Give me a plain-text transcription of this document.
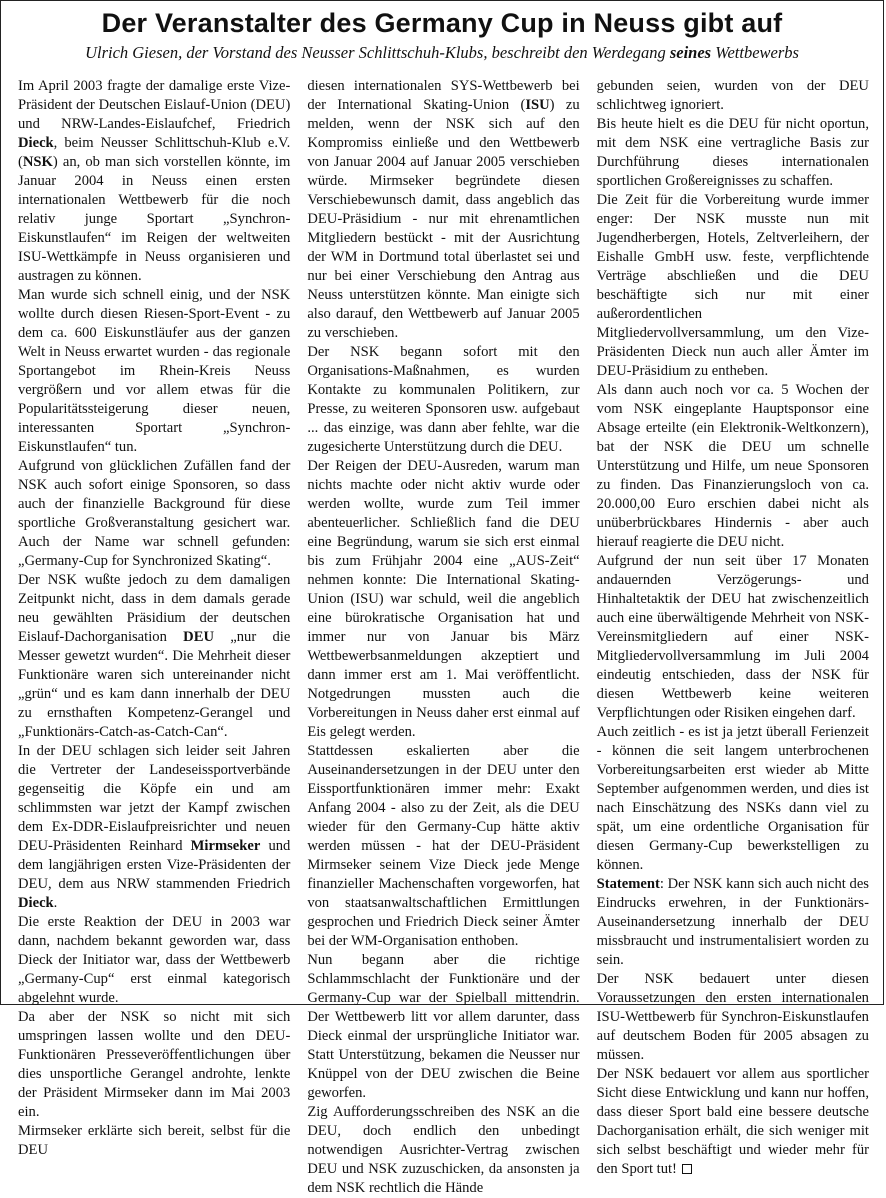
Der Veranstalter des Germany Cup in Neuss gibt auf
Ulrich Giesen, der Vorstand des Neusser Schlittschuh-Klubs, beschreibt den Werdegang seines Wettbewerbs

Im April 2003 fragte der damalige erste Vize-Präsident der Deutschen Eislauf-Union (DEU) und NRW-Landes-Eislaufchef, Friedrich Dieck, beim Neusser Schlittschuh-Klub e.V. (NSK) an, ob man sich vorstellen könnte, im Januar 2004 in Neuss einen ersten internationalen Wettbewerb für die noch relativ junge Sportart „Synchron-Eiskunstlaufen“ im Reigen der weltweiten ISU-Wettkämpfe in Neuss organisieren und austragen zu können.

Man wurde sich schnell einig, und der NSK wollte durch diesen Riesen-Sport-Event - zu dem ca. 600 Eiskunstläufer aus der ganzen Welt in Neuss erwartet wurden - das regionale Sportangebot im Rhein-Kreis Neuss vergrößern und vor allem etwas für die Popularitätssteigerung dieser neuen, interessanten Sportart „Synchron-Eiskunstlaufen“ tun.

Aufgrund von glücklichen Zufällen fand der NSK auch sofort einige Sponsoren, so dass auch der finanzielle Background für diese sportliche Großveranstaltung gesichert war. Auch der Name war schnell gefunden: „Germany-Cup for Synchronized Skating“.

Der NSK wußte jedoch zu dem damaligen Zeitpunkt nicht, dass in dem damals gerade neu gewählten Präsidium der deutschen Eislauf-Dachorganisation DEU „nur die Messer gewetzt wurden“. Die Mehrheit dieser Funktionäre waren sich untereinander nicht „grün“ und es kam dann innerhalb der DEU zu ernsthaften Kompetenz-Gerangel und „Funktionärs-Catch-as-Catch-Can“.

In der DEU schlagen sich leider seit Jahren die Vertreter der Landeseissportverbände gegenseitig die Köpfe ein und am schlimmsten war jetzt der Kampf zwischen dem Ex-DDR-Eislaufpreisrichter und neuen DEU-Präsidenten Reinhard Mirmseker und dem langjährigen ersten Vize-Präsidenten der DEU, dem aus NRW stammenden Friedrich Dieck.

Die erste Reaktion der DEU in 2003 war dann, nachdem bekannt geworden war, dass Dieck der Initiator war, dass der Wettbewerb „Germany-Cup“ erst einmal kategorisch abgelehnt wurde.

Da aber der NSK so nicht mit sich umspringen lassen wollte und den DEU-Funktionären Presseveröffentlichungen über dies unsportliche Gerangel androhte, lenkte der Präsident Mirmseker dann im Mai 2003 ein.

Mirmseker erklärte sich bereit, selbst für die DEU

diesen internationalen SYS-Wettbewerb bei der International Skating-Union (ISU) zu melden, wenn der NSK sich auf den Kompromiss einließe und den Wettbewerb von Januar 2004 auf Januar 2005 verschieben würde. Mirmseker begründete diesen Verschiebewunsch damit, dass angeblich das DEU-Präsidium - nur mit ehrenamtlichen Mitgliedern bestückt - mit der Ausrichtung der WM in Dortmund total überlastet sei und nur bei einer Verschiebung den Antrag aus Neuss unterstützen könnte. Man einigte sich also darauf, den Wettbewerb auf Januar 2005 zu verschieben.

Der NSK begann sofort mit den Organisations-Maßnahmen, es wurden Kontakte zu kommunalen Politikern, zur Presse, zu weiteren Sponsoren usw. aufgebaut ... das einzige, was dann aber fehlte, war die zugesicherte Unterstützung durch die DEU.

Der Reigen der DEU-Ausreden, warum man nichts machte oder nicht aktiv wurde oder werden wollte, wurde zum Teil immer abenteuerlicher. Schließlich fand die DEU eine Begründung, warum sie sich erst einmal bis zum Frühjahr 2004 eine „AUS-Zeit“ nehmen konnte: Die International Skating-Union (ISU) war schuld, weil die angeblich eine bürokratische Organisation hat und immer nur von Januar bis März Wettbewerbsanmeldungen akzeptiert und dann immer erst am 1. Mai veröffentlicht. Notgedrungen mussten auch die Vorbereitungen in Neuss daher erst einmal auf Eis gelegt werden.

Stattdessen eskalierten aber die Auseinandersetzungen in der DEU unter den Eissportfunktionären immer mehr: Exakt Anfang 2004 - also zu der Zeit, als die DEU wieder für den Germany-Cup hätte aktiv werden müssen - hat der DEU-Präsident Mirmseker seinem Vize Dieck jede Menge finanzieller Machenschaften vorgeworfen, hat von staatsanwaltschaftlichen Ermittlungen gesprochen und Friedrich Dieck seiner Ämter bei der WM-Organisation enthoben.

Nun begann aber die richtige Schlammschlacht der Funktionäre und der Germany-Cup war der Spielball mittendrin. Der Wettbewerb litt vor allem darunter, dass Dieck einmal der ursprüngliche Initiator war. Statt Unterstützung, bekamen die Neusser nur Knüppel von der DEU zwischen die Beine geworfen.

Zig Aufforderungsschreiben des NSK an die DEU, doch endlich den unbedingt notwendigen Ausrichter-Vertrag zwischen DEU und NSK zuzuschicken, da ansonsten ja dem NSK rechtlich die Hände

gebunden seien, wurden von der DEU schlichtweg ignoriert.

Bis heute hielt es die DEU für nicht oportun, mit dem NSK eine vertragliche Basis zur Durchführung dieses internationalen sportlichen Großereignisses zu schaffen.

Die Zeit für die Vorbereitung wurde immer enger: Der NSK musste nun mit Jugendherbergen, Hotels, Zeltverleihern, der Eishalle GmbH usw. feste, verpflichtende Verträge abschließen und die DEU beschäftigte sich nur mit einer außerordentlichen Mitgliedervollversammlung, um den Vize-Präsidenten Dieck nun auch aller Ämter im DEU-Präsidium zu entheben.

Als dann auch noch vor ca. 5 Wochen der vom NSK eingeplante Hauptsponsor eine Absage erteilte (ein Elektronik-Weltkonzern), bat der NSK die DEU um schnelle Unterstützung und Hilfe, um neue Sponsoren zu finden. Das Finanzierungsloch von ca. 20.000,00 Euro erschien dabei nicht als unüberbrückbares Hindernis - aber auch hierauf reagierte die DEU nicht.

Aufgrund der nun seit über 17 Monaten andauernden Verzögerungs- und Hinhaltetaktik der DEU hat zwischenzeitlich auch eine überwältigende Mehrheit von NSK-Vereinsmitgliedern auf einer NSK-Mitgliedervollversammlung im Juli 2004 eindeutig entschieden, dass der NSK für diesen Wettbewerb keine weiteren Verpflichtungen oder Risiken eingehen darf.

Auch zeitlich - es ist ja jetzt überall Ferienzeit - können die seit langem unterbrochenen Vorbereitungsarbeiten erst wieder ab Mitte September aufgenommen werden, und dies ist nach Einschätzung des NSKs dann viel zu spät, um eine ordentliche Organisation für diesen Germany-Cup bewerkstelligen zu können.

Statement: Der NSK kann sich auch nicht des Eindrucks erwehren, in der Funktionärs-Auseinandersetzung innerhalb der DEU missbraucht und instrumentalisiert worden zu sein.

Der NSK bedauert unter diesen Voraussetzungen den ersten internationalen ISU-Wettbewerb für Synchron-Eiskunstlaufen auf deutschem Boden für 2005 absagen zu müssen.

Der NSK bedauert vor allem aus sportlicher Sicht diese Entwicklung und kann nur hoffen, dass dieser Sport bald eine bessere deutsche Dachorganisation erhält, die sich weniger mit sich selbst beschäftigt und wieder mehr für den Sport tut!
